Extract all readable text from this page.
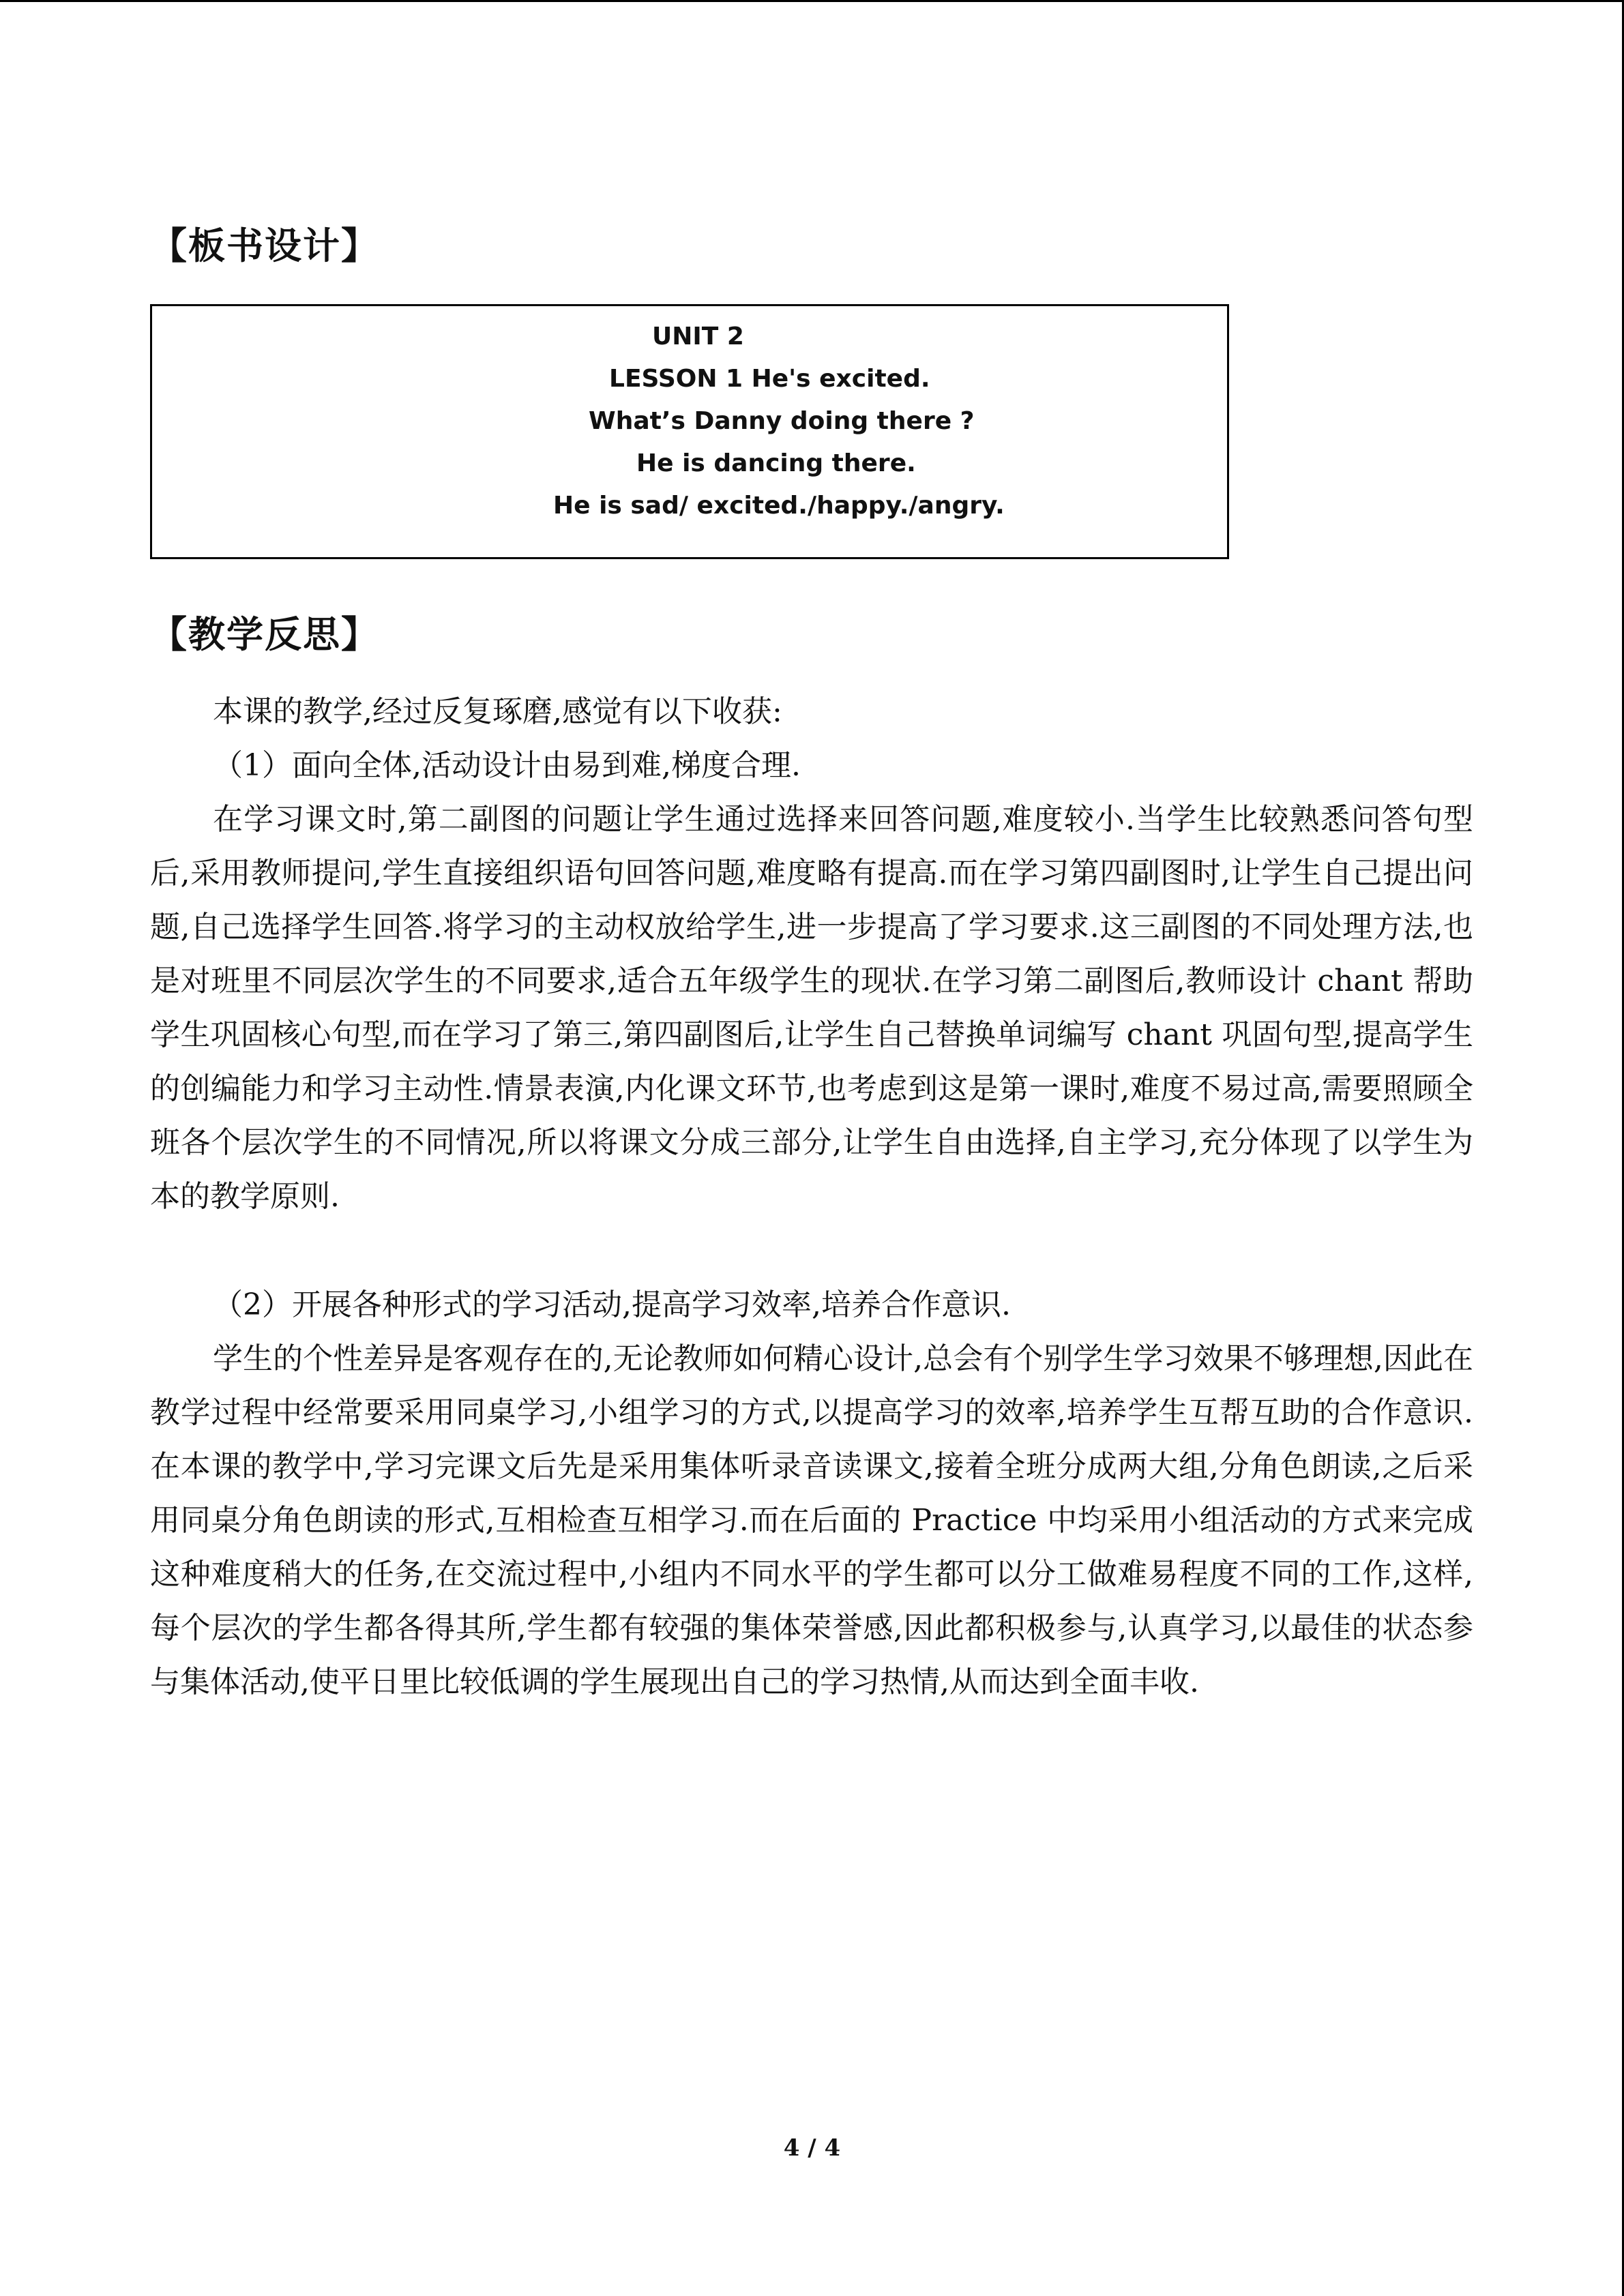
【板书设计】
UNIT 2
LESSON 1 He's excited.
What’s Danny doing there ?
He is dancing there.
He is sad/ excited./happy./angry.
【教学反思】

本课的教学,经过反复琢磨,感觉有以下收获:

（1）面向全体,活动设计由易到难,梯度合理.

在学习课文时,第二副图的问题让学生通过选择来回答问题,难度较小.当学生比较熟悉问答句型后,采用教师提问,学生直接组织语句回答问题,难度略有提高.而在学习第四副图时,让学生自己提出问题,自己选择学生回答.将学习的主动权放给学生,进一步提高了学习要求.这三副图的不同处理方法,也是对班里不同层次学生的不同要求,适合五年级学生的现状.在学习第二副图后,教师设计 chant 帮助学生巩固核心句型,而在学习了第三,第四副图后,让学生自己替换单词编写 chant 巩固句型,提高学生的创编能力和学习主动性.情景表演,内化课文环节,也考虑到这是第一课时,难度不易过高,需要照顾全班各个层次学生的不同情况,所以将课文分成三部分,让学生自由选择,自主学习,充分体现了以学生为本的教学原则.

（2）开展各种形式的学习活动,提高学习效率,培养合作意识.

学生的个性差异是客观存在的,无论教师如何精心设计,总会有个别学生学习效果不够理想,因此在教学过程中经常要采用同桌学习,小组学习的方式,以提高学习的效率,培养学生互帮互助的合作意识.在本课的教学中,学习完课文后先是采用集体听录音读课文,接着全班分成两大组,分角色朗读,之后采用同桌分角色朗读的形式,互相检查互相学习.而在后面的 Practice 中均采用小组活动的方式来完成这种难度稍大的任务,在交流过程中,小组内不同水平的学生都可以分工做难易程度不同的工作,这样,每个层次的学生都各得其所,学生都有较强的集体荣誉感,因此都积极参与,认真学习,以最佳的状态参与集体活动,使平日里比较低调的学生展现出自己的学习热情,从而达到全面丰收.

4 / 4
